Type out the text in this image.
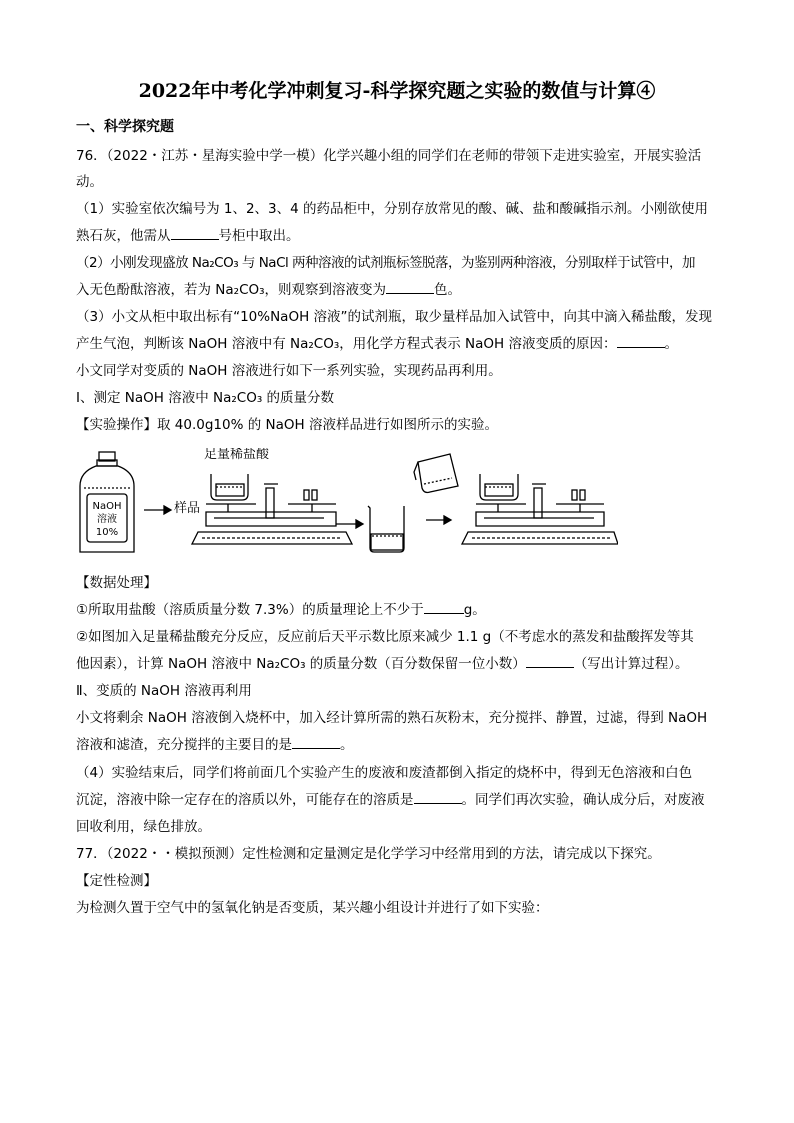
2022年中考化学冲刺复习-科学探究题之实验的数值与计算④
一、科学探究题
76．（2022・江苏・星海实验中学一模）化学兴趣小组的同学们在老师的带领下走进实验室，开展实验活
动。
（1）实验室依次编号为 1、2、3、4 的药品柜中，分别存放常见的酸、碱、盐和酸碱指示剂。小刚欲使用
熟石灰，他需从	号柜中取出。
（2）小刚发现盛放 Na₂CO₃ 与 NaCl 两种溶液的试剂瓶标签脱落，为鉴别两种溶液，分别取样于试管中，加
入无色酚酞溶液，若为 Na₂CO₃，则观察到溶液变为	色。
（3）小文从柜中取出标有“10%NaOH 溶液”的试剂瓶，取少量样品加入试管中，向其中滴入稀盐酸，发现
产生气泡，判断该 NaOH 溶液中有 Na₂CO₃，用化学方程式表示 NaOH 溶液变质的原因：	。
小文同学对变质的 NaOH 溶液进行如下一系列实验，实现药品再利用。
Ⅰ、测定 NaOH 溶液中 Na₂CO₃ 的质量分数
【实验操作】取 40.0g10% 的 NaOH 溶液样品进行如图所示的实验。
NaOH
溶液
10%
样品
足量稀盐酸
【数据处理】
①所取用盐酸（溶质质量分数 7.3%）的质量理论上不少于	g。
②如图加入足量稀盐酸充分反应，反应前后天平示数比原来减少 1.1 g（不考虑水的蒸发和盐酸挥发等其
他因素），计算 NaOH 溶液中 Na₂CO₃ 的质量分数（百分数保留一位小数）	（写出计算过程）。
Ⅱ、变质的 NaOH 溶液再利用
小文将剩余 NaOH 溶液倒入烧杯中，加入经计算所需的熟石灰粉末，充分搅拌、静置，过滤，得到 NaOH
溶液和滤渣，充分搅拌的主要目的是	。
（4）实验结束后，同学们将前面几个实验产生的废液和废渣都倒入指定的烧杯中，得到无色溶液和白色
沉淀，溶液中除一定存在的溶质以外，可能存在的溶质是	。同学们再次实验，确认成分后，对废液
回收利用，绿色排放。
77．（2022・・模拟预测）定性检测和定量测定是化学学习中经常用到的方法，请完成以下探究。
【定性检测】
为检测久置于空气中的氢氧化钠是否变质，某兴趣小组设计并进行了如下实验：
